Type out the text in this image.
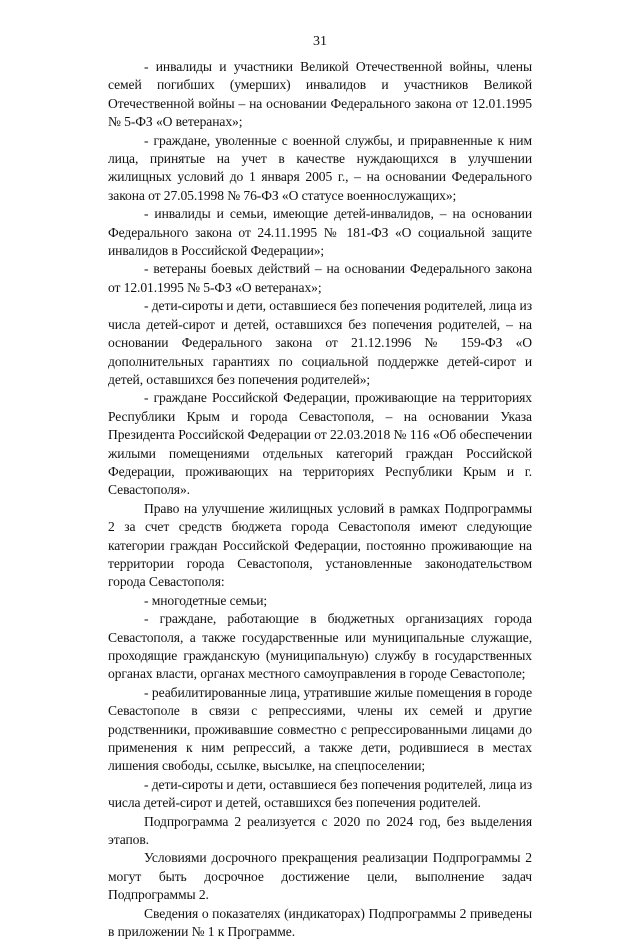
31

- инвалиды и участники Великой Отечественной войны, члены семей погибших (умерших) инвалидов и участников Великой Отечественной войны – на основании Федерального закона от 12.01.1995 № 5-ФЗ «О ветеранах»;

- граждане, уволенные с военной службы, и приравненные к ним лица, принятые на учет в качестве нуждающихся в улучшении жилищных условий до 1 января 2005 г., – на основании Федерального закона от 27.05.1998 № 76-ФЗ «О статусе военнослужащих»;

- инвалиды и семьи, имеющие детей-инвалидов, – на основании Федерального закона от 24.11.1995 № 181-ФЗ «О социальной защите инвалидов в Российской Федерации»;

- ветераны боевых действий – на основании Федерального закона от 12.01.1995 № 5-ФЗ «О ветеранах»;

- дети-сироты и дети, оставшиеся без попечения родителей, лица из числа детей-сирот и детей, оставшихся без попечения родителей, – на основании Федерального закона от 21.12.1996 № 159-ФЗ «О дополнительных гарантиях по социальной поддержке детей-сирот и детей, оставшихся без попечения родителей»;

- граждане Российской Федерации, проживающие на территориях Республики Крым и города Севастополя, – на основании Указа Президента Российской Федерации от 22.03.2018 № 116 «Об обеспечении жилыми помещениями отдельных категорий граждан Российской Федерации, проживающих на территориях Республики Крым и г. Севастополя».

Право на улучшение жилищных условий в рамках Подпрограммы 2 за счет средств бюджета города Севастополя имеют следующие категории граждан Российской Федерации, постоянно проживающие на территории города Севастополя, установленные законодательством города Севастополя:

- многодетные семьи;

- граждане, работающие в бюджетных организациях города Севастополя, а также государственные или муниципальные служащие, проходящие гражданскую (муниципальную) службу в государственных органах власти, органах местного самоуправления в городе Севастополе;

- реабилитированные лица, утратившие жилые помещения в городе Севастополе в связи с репрессиями, члены их семей и другие родственники, проживавшие совместно с репрессированными лицами до применения к ним репрессий, а также дети, родившиеся в местах лишения свободы, ссылке, высылке, на спецпоселении;

- дети-сироты и дети, оставшиеся без попечения родителей, лица из числа детей-сирот и детей, оставшихся без попечения родителей.

Подпрограмма 2 реализуется с 2020 по 2024 год, без выделения этапов.

Условиями досрочного прекращения реализации Подпрограммы 2 могут быть досрочное достижение цели, выполнение задач Подпрограммы 2.

Сведения о показателях (индикаторах) Подпрограммы 2 приведены в приложении № 1 к Программе.
